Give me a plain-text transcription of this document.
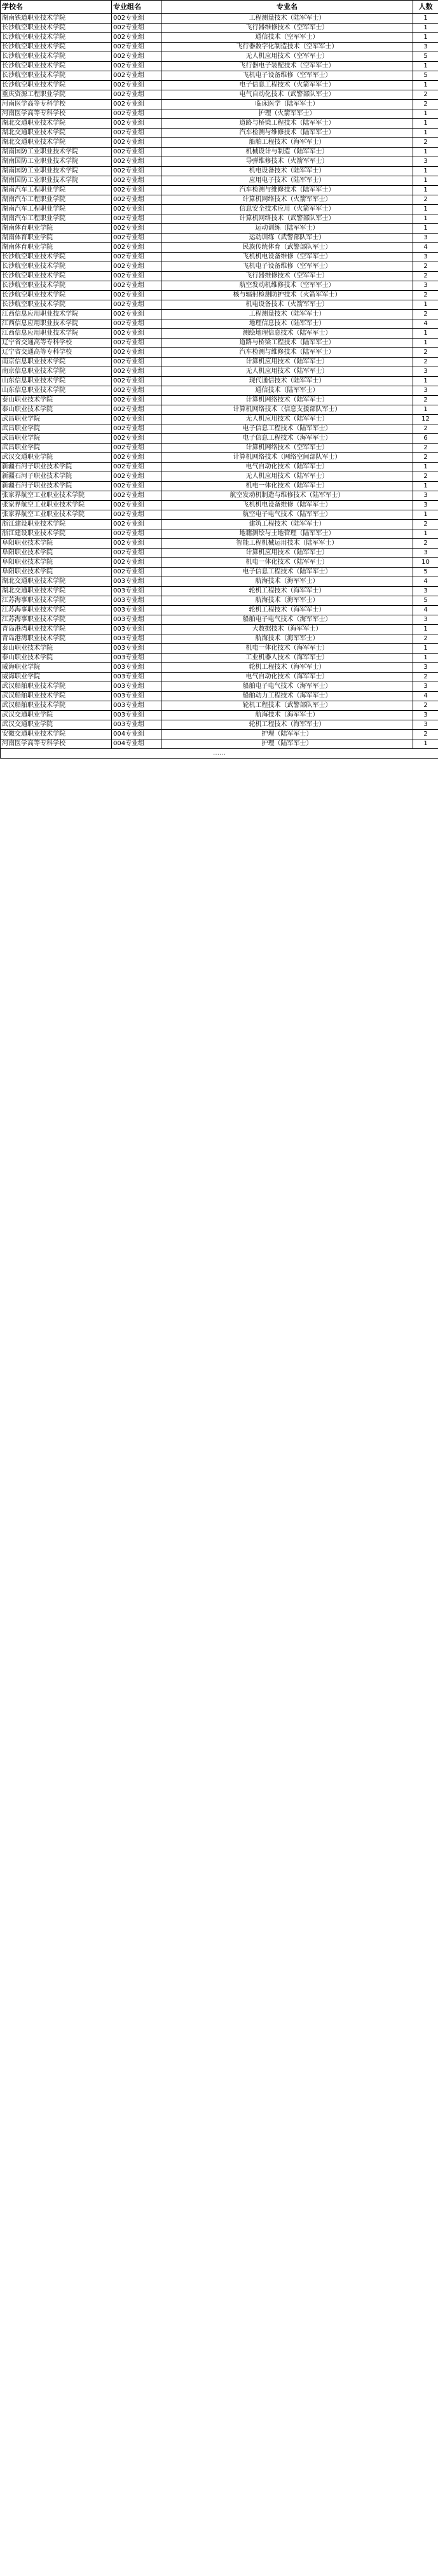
学校名	专业组名	专业名	人数
湖南铁道职业技术学院	002专业组	工程测量技术（陆军军士）	1
长沙航空职业技术学院	002专业组	飞行器维修技术（空军军士）	1
长沙航空职业技术学院	002专业组	通信技术（空军军士）	1
长沙航空职业技术学院	002专业组	飞行器数字化制造技术（空军军士）	3
长沙航空职业技术学院	002专业组	无人机应用技术（空军军士）	5
长沙航空职业技术学院	002专业组	飞行器电子装配技术（空军军士）	1
长沙航空职业技术学院	002专业组	飞机电子设备维修（空军军士）	5
长沙航空职业技术学院	002专业组	电子信息工程技术（火箭军军士）	1
重庆资源工程职业学院	002专业组	电气自动化技术（武警部队军士）	2
河南医学高等专科学校	002专业组	临床医学（陆军军士）	2
河南医学高等专科学校	002专业组	护理（火箭军军士）	1
湖北交通职业技术学院	002专业组	道路与桥梁工程技术（陆军军士）	1
湖北交通职业技术学院	002专业组	汽车检测与维修技术（陆军军士）	1
湖北交通职业技术学院	002专业组	船舶工程技术（海军军士）	2
湖南国防工业职业技术学院	002专业组	机械设计与制造（陆军军士）	1
湖南国防工业职业技术学院	002专业组	导弹维修技术（火箭军军士）	3
湖南国防工业职业技术学院	002专业组	机电设备技术（陆军军士）	1
湖南国防工业职业技术学院	002专业组	应用电子技术（陆军军士）	1
湖南汽车工程职业学院	002专业组	汽车检测与维修技术（陆军军士）	1
湖南汽车工程职业学院	002专业组	计算机网络技术（火箭军军士）	2
湖南汽车工程职业学院	002专业组	信息安全技术应用（火箭军军士）	1
湖南汽车工程职业学院	002专业组	计算机网络技术（武警部队军士）	1
湖南体育职业学院	002专业组	运动训练（陆军军士）	1
湖南体育职业学院	002专业组	运动训练（武警部队军士）	3
湖南体育职业学院	002专业组	民族传统体育（武警部队军士）	4
长沙航空职业技术学院	002专业组	飞机机电设备维修（空军军士）	3
长沙航空职业技术学院	002专业组	飞机电子设备维修（空军军士）	2
长沙航空职业技术学院	002专业组	飞行器维修技术（空军军士）	2
长沙航空职业技术学院	002专业组	航空发动机维修技术（空军军士）	3
长沙航空职业技术学院	002专业组	核与辐射检测防护技术（火箭军军士）	2
长沙航空职业技术学院	002专业组	机电设备技术（火箭军军士）	1
江西信息应用职业技术学院	002专业组	工程测量技术（陆军军士）	2
江西信息应用职业技术学院	002专业组	地理信息技术（陆军军士）	4
江西信息应用职业技术学院	002专业组	测绘地理信息技术（陆军军士）	1
辽宁省交通高等专科学校	002专业组	道路与桥梁工程技术（陆军军士）	1
辽宁省交通高等专科学校	002专业组	汽车检测与维修技术（陆军军士）	2
南京信息职业技术学院	002专业组	计算机应用技术（陆军军士）	2
南京信息职业技术学院	002专业组	无人机应用技术（陆军军士）	3
山东信息职业技术学院	002专业组	现代通信技术（陆军军士）	1
山东信息职业技术学院	002专业组	通信技术（陆军军士）	3
泰山职业技术学院	002专业组	计算机网络技术（陆军军士）	2
泰山职业技术学院	002专业组	计算机网络技术（信息支援部队军士）	1
武昌职业学院	002专业组	无人机应用技术（陆军军士）	12
武昌职业学院	002专业组	电子信息工程技术（陆军军士）	2
武昌职业学院	002专业组	电子信息工程技术（海军军士）	6
武昌职业学院	002专业组	计算机网络技术（空军军士）	2
武汉交通职业学院	002专业组	计算机网络技术（网络空间部队军士）	2
新疆石河子职业技术学院	002专业组	电气自动化技术（陆军军士）	1
新疆石河子职业技术学院	002专业组	无人机应用技术（陆军军士）	2
新疆石河子职业技术学院	002专业组	机电一体化技术（陆军军士）	1
张家界航空工业职业技术学院	002专业组	航空发动机制造与维修技术（陆军军士）	3
张家界航空工业职业技术学院	002专业组	飞机机电设备维修（陆军军士）	3
张家界航空工业职业技术学院	002专业组	航空电子电气技术（陆军军士）	1
浙江建设职业技术学院	002专业组	建筑工程技术（陆军军士）	2
浙江建设职业技术学院	002专业组	地籍测绘与土地管理（陆军军士）	1
阜阳职业技术学院	002专业组	智能工程机械运用技术（陆军军士）	2
阜阳职业技术学院	002专业组	计算机应用技术（陆军军士）	3
阜阳职业技术学院	002专业组	机电一体化技术（陆军军士）	10
阜阳职业技术学院	002专业组	电子信息工程技术（陆军军士）	5
湖北交通职业技术学院	003专业组	航海技术（海军军士）	4
湖北交通职业技术学院	003专业组	轮机工程技术（海军军士）	3
江苏海事职业技术学院	003专业组	航海技术（海军军士）	5
江苏海事职业技术学院	003专业组	轮机工程技术（海军军士）	4
江苏海事职业技术学院	003专业组	船舶电子电气技术（海军军士）	3
青岛港湾职业技术学院	003专业组	大数据技术（海军军士）	1
青岛港湾职业技术学院	003专业组	航海技术（海军军士）	2
泰山职业技术学院	003专业组	机电一体化技术（海军军士）	1
泰山职业技术学院	003专业组	工业机器人技术（海军军士）	1
威海职业学院	003专业组	轮机工程技术（海军军士）	3
威海职业学院	003专业组	电气自动化技术（海军军士）	2
武汉船舶职业技术学院	003专业组	船舶电子电气技术（海军军士）	3
武汉船舶职业技术学院	003专业组	船舶动力工程技术（海军军士）	4
武汉船舶职业技术学院	003专业组	轮机工程技术（武警部队军士）	2
武汉交通职业学院	003专业组	航海技术（海军军士）	3
武汉交通职业学院	003专业组	轮机工程技术（海军军士）	3
安徽交通职业技术学院	004专业组	护理（陆军军士）	2
河南医学高等专科学校	004专业组	护理（陆军军士）	1
……			
